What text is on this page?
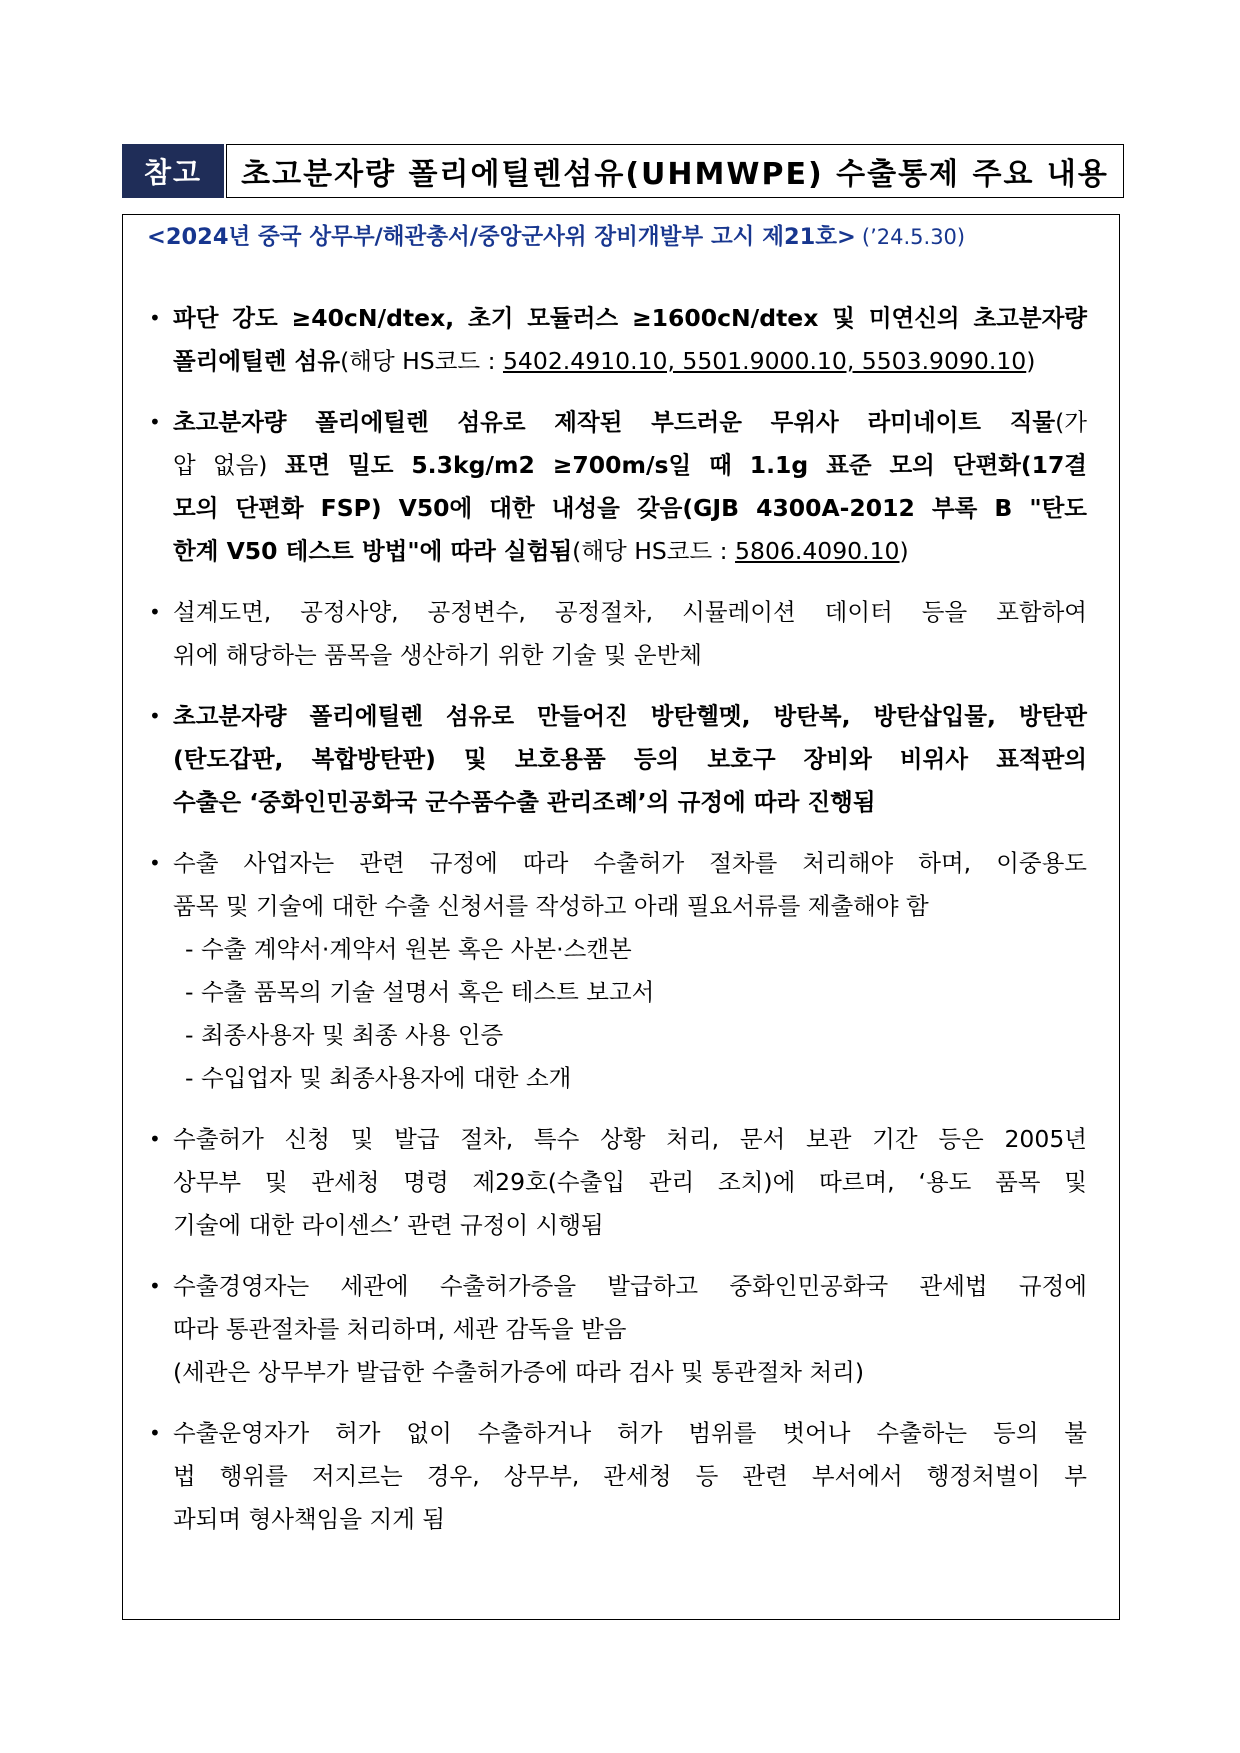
참고	초고분자량 폴리에틸렌섬유(UHMWPE) 수출통제 주요 내용
<2024년 중국 상무부/해관총서/중앙군사위 장비개발부 고시 제21호> (’24.5.30)
• 파단 강도 ≥40cN/dtex, 초기 모듈러스 ≥1600cN/dtex 및 미연신의 초고분자량
폴리에틸렌 섬유(해당 HS코드 : 5402.4910.10, 5501.9000.10, 5503.9090.10)
• 초고분자량 폴리에틸렌 섬유로 제작된 부드러운 무위사 라미네이트 직물(가
압 없음) 표면 밀도 5.3kg/m2 ≥700m/s일 때 1.1g 표준 모의 단편화(17결
모의 단편화 FSP) V50에 대한 내성을 갖음(GJB 4300A-2012 부록 B "탄도
한계 V50 테스트 방법"에 따라 실험됨(해당 HS코드 : 5806.4090.10)
• 설계도면, 공정사양, 공정변수, 공정절차, 시뮬레이션 데이터 등을 포함하여
위에 해당하는 품목을 생산하기 위한 기술 및 운반체
• 초고분자량 폴리에틸렌 섬유로 만들어진 방탄헬멧, 방탄복, 방탄삽입물, 방탄판
(탄도갑판, 복합방탄판) 및 보호용품 등의 보호구 장비와 비위사 표적판의
수출은 ‘중화인민공화국 군수품수출 관리조례’의 규정에 따라 진행됨
• 수출 사업자는 관련 규정에 따라 수출허가 절차를 처리해야 하며, 이중용도
품목 및 기술에 대한 수출 신청서를 작성하고 아래 필요서류를 제출해야 함
- 수출 계약서·계약서 원본 혹은 사본·스캔본
- 수출 품목의 기술 설명서 혹은 테스트 보고서
- 최종사용자 및 최종 사용 인증
- 수입업자 및 최종사용자에 대한 소개
• 수출허가 신청 및 발급 절차, 특수 상황 처리, 문서 보관 기간 등은 2005년
상무부 및 관세청 명령 제29호(수출입 관리 조치)에 따르며, ‘용도 품목 및
기술에 대한 라이센스’ 관련 규정이 시행됨
• 수출경영자는 세관에 수출허가증을 발급하고 중화인민공화국 관세법 규정에
따라 통관절차를 처리하며, 세관 감독을 받음
(세관은 상무부가 발급한 수출허가증에 따라 검사 및 통관절차 처리)
• 수출운영자가 허가 없이 수출하거나 허가 범위를 벗어나 수출하는 등의 불
법 행위를 저지르는 경우, 상무부, 관세청 등 관련 부서에서 행정처벌이 부
과되며 형사책임을 지게 됨
